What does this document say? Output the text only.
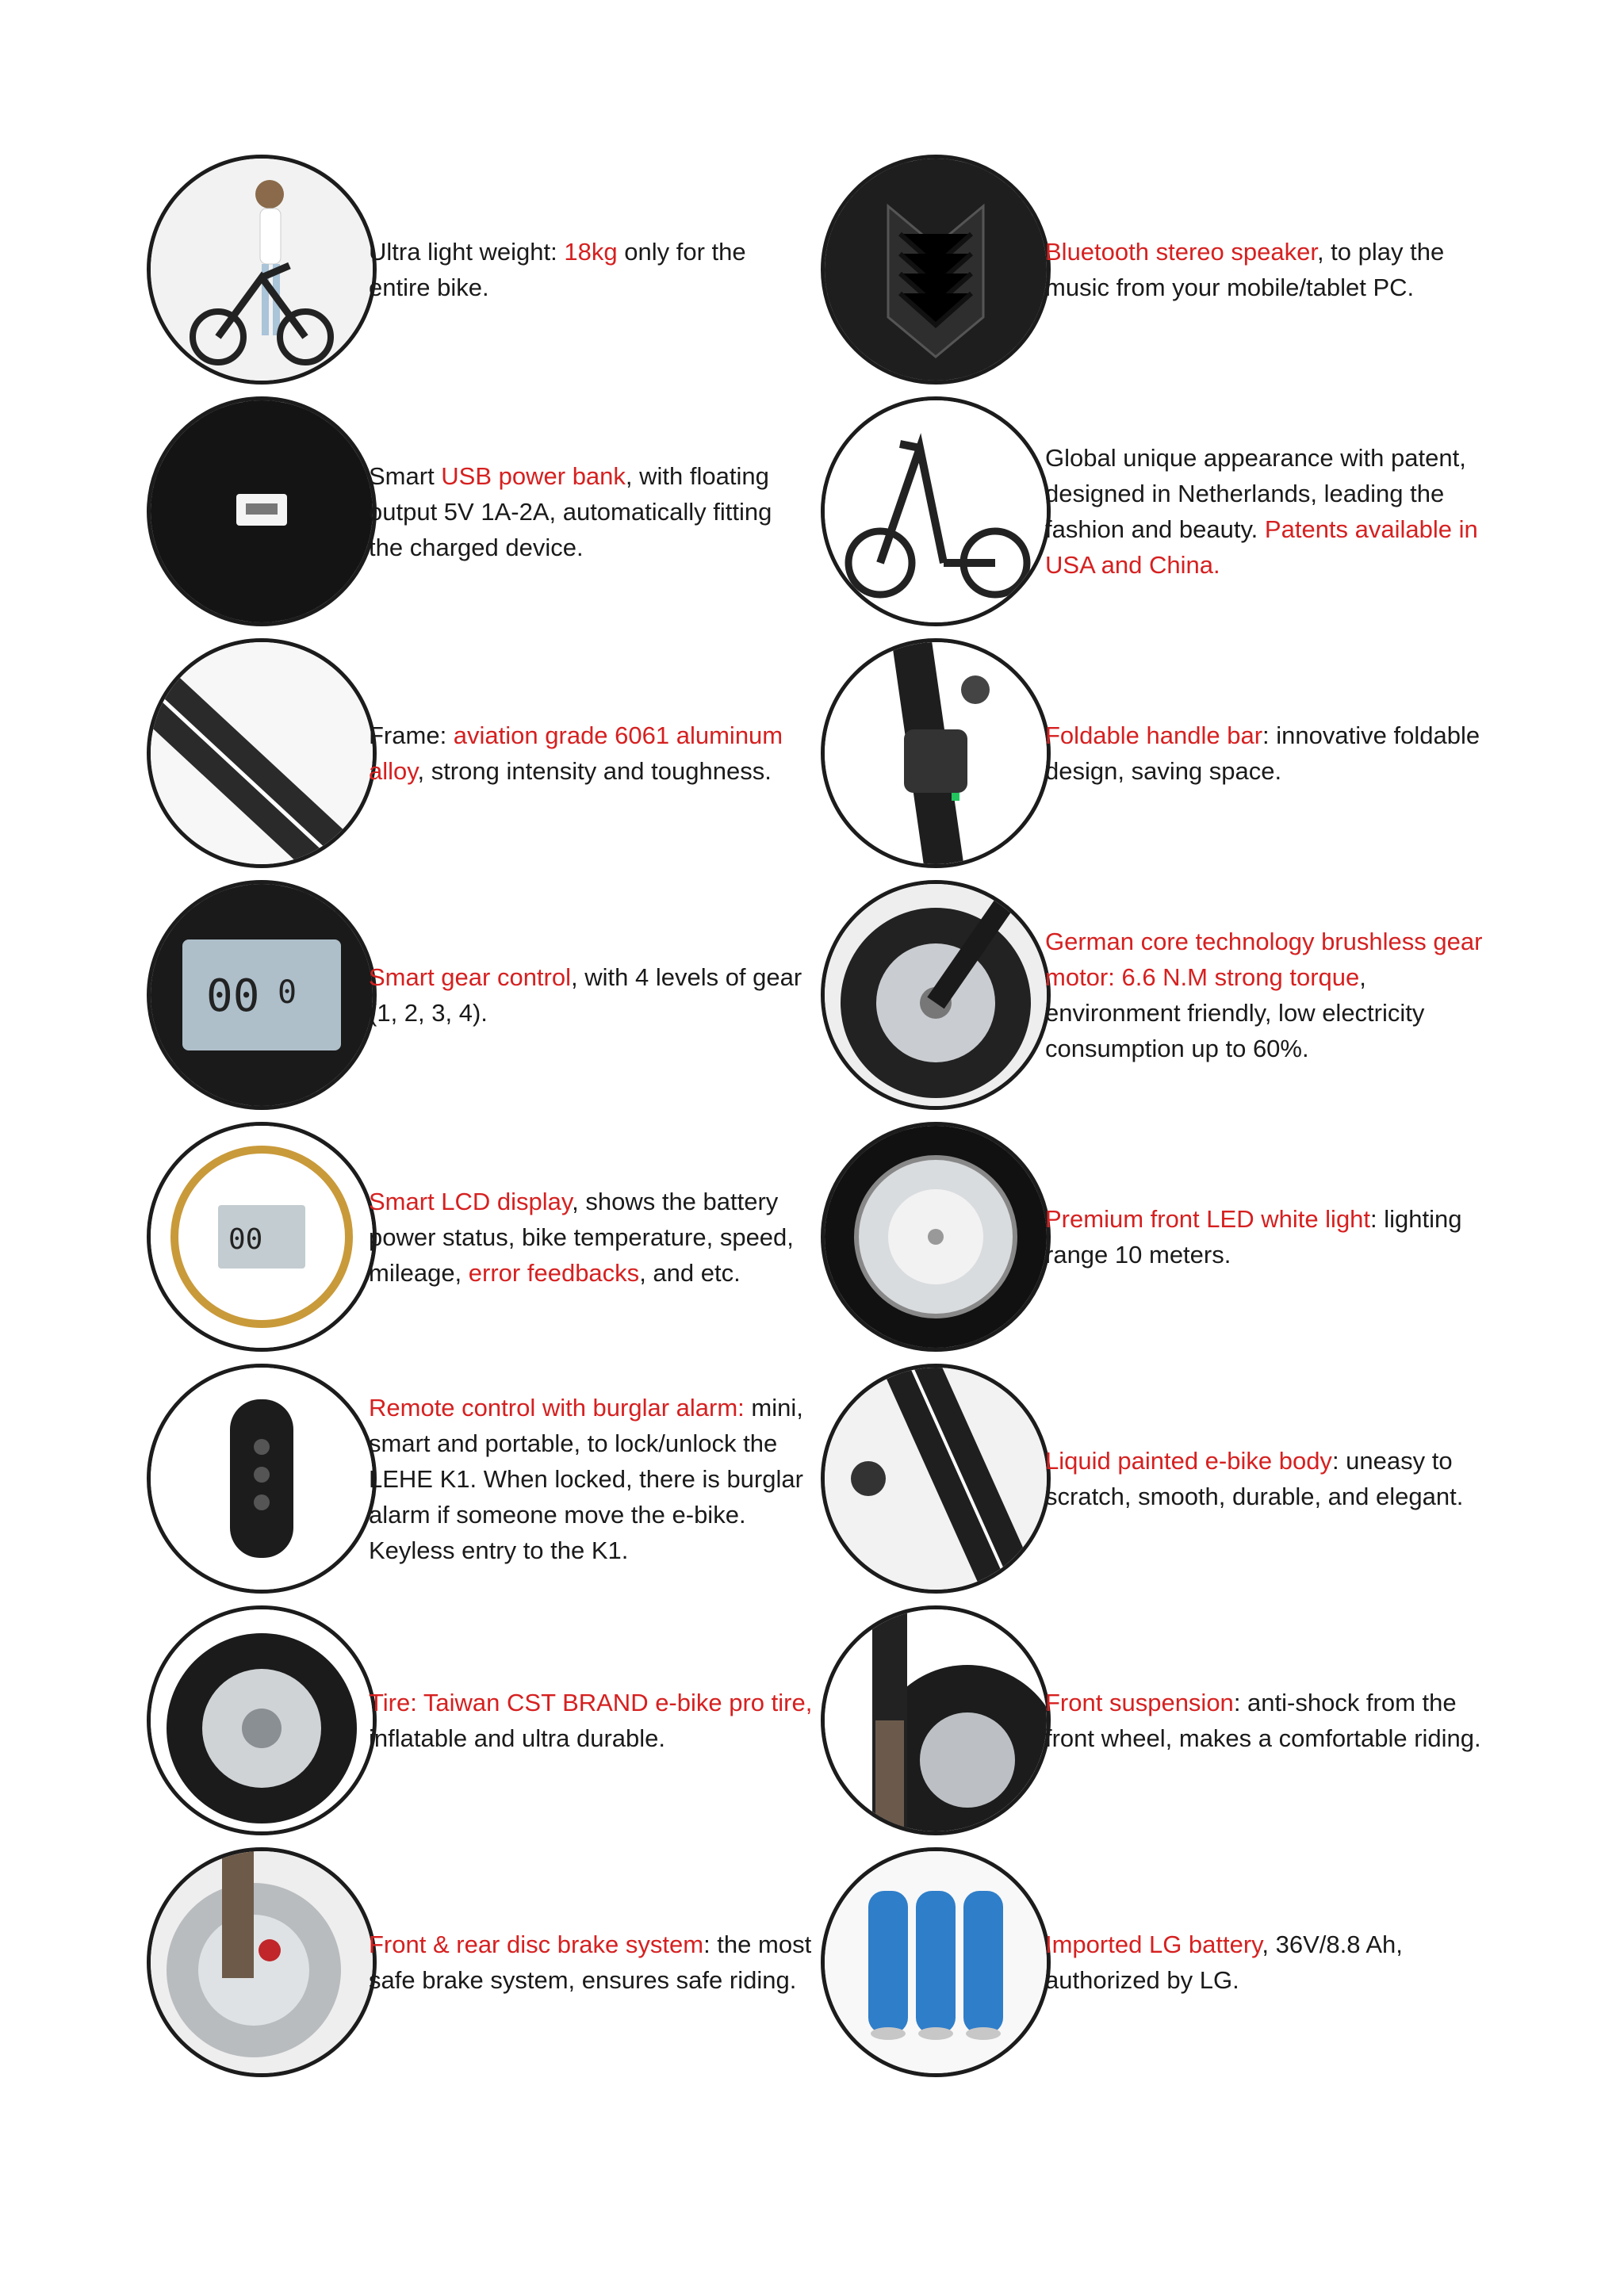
Ultra light weight: 18kg only for the entire bike.

Smart USB power bank, with floating output 5V 1A-2A, automatically fitting the charged device.

Frame: aviation grade 6061 aluminum alloy, strong intensity and toughness.

00 0	Smart gear control, with 4 levels of gear (1, 2, 3, 4).

00

Smart LCD display, shows the battery power status, bike temperature, speed, mileage, error feedbacks, and etc.

Remote control with burglar alarm: mini, smart and portable, to lock/unlock the LEHE K1. When locked, there is burglar alarm if someone move the e-bike. Keyless entry to the K1.

Tire: Taiwan CST BRAND e-bike pro tire, inflatable and ultra durable.

Front & rear disc brake system: the most safe brake system, ensures safe riding.

Bluetooth stereo speaker, to play the music from your mobile/tablet PC.

Global unique appearance with patent, designed in Netherlands, leading the fashion and beauty. Patents available in USA and China.

Foldable handle bar: innovative foldable design, saving space.

German core technology brushless gear motor: 6.6 N.M strong torque, environment friendly, low electricity consumption up to 60%.

Premium front LED white light: lighting range 10 meters.

Liquid painted e-bike body: uneasy to scratch, smooth, durable, and elegant.

Front suspension: anti-shock from the front wheel, makes a comfortable riding.

Imported LG battery, 36V/8.8 Ah, authorized by LG.
